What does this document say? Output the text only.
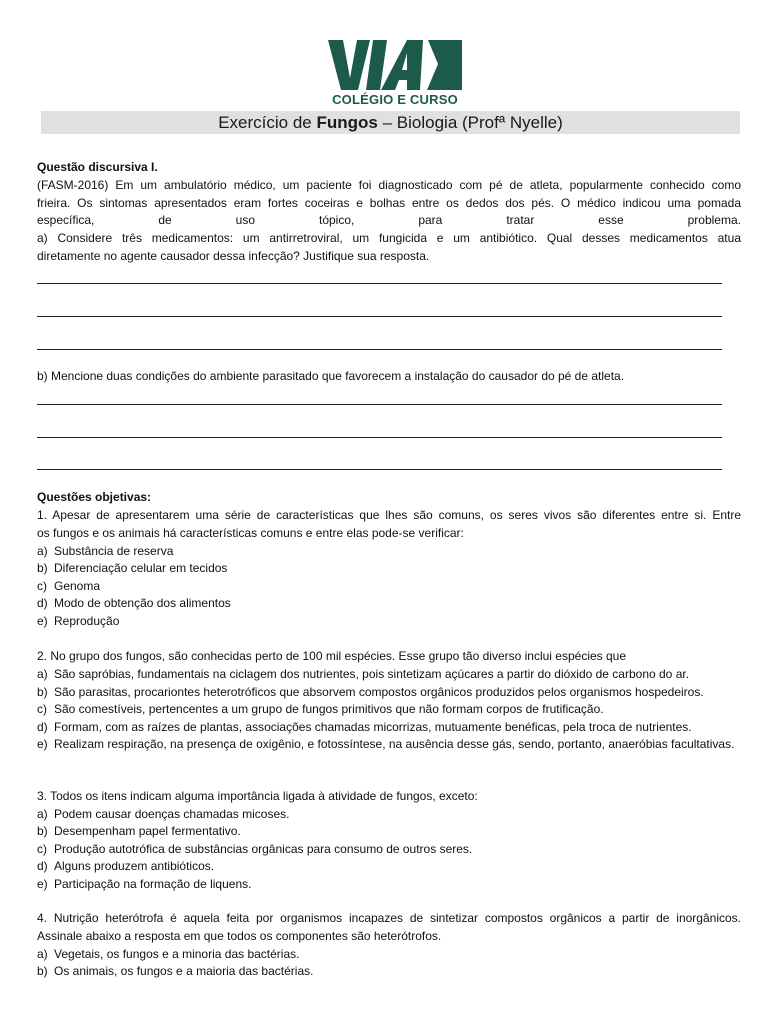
COLÉGIO E CURSO
Exercício de Fungos – Biologia (Profª Nyelle)
Questão discursiva I.
(FASM-2016) Em um ambulatório médico, um paciente foi diagnosticado com pé de atleta, popularmente conhecido como
frieira. Os sintomas apresentados eram fortes coceiras e bolhas entre os dedos dos pés. O médico indicou uma pomada
específica, de uso tópico, para tratar esse problema.
a) Considere três medicamentos: um antirretroviral, um fungicida e um antibiótico. Qual desses medicamentos atua
diretamente no agente causador dessa infecção? Justifique sua resposta.
b) Mencione duas condições do ambiente parasitado que favorecem a instalação do causador do pé de atleta.
Questões objetivas:
1. Apesar de apresentarem uma série de características que lhes são comuns, os seres vivos são diferentes entre si. Entre
os fungos e os animais há características comuns e entre elas pode-se verificar:
a) Substância de reserva
b) Diferenciação celular em tecidos
c) Genoma
d) Modo de obtenção dos alimentos
e) Reprodução
2. No grupo dos fungos, são conhecidas perto de 100 mil espécies. Esse grupo tão diverso inclui espécies que
a) São sapróbias, fundamentais na ciclagem dos nutrientes, pois sintetizam açúcares a partir do dióxido de carbono do ar.
b) São parasitas, procariontes heterotróficos que absorvem compostos orgânicos produzidos pelos organismos hospedeiros.
c) São comestíveis, pertencentes a um grupo de fungos primitivos que não formam corpos de frutificação.
d) Formam, com as raízes de plantas, associações chamadas micorrizas, mutuamente benéficas, pela troca de nutrientes.
e) Realizam respiração, na presença de oxigênio, e fotossíntese, na ausência desse gás, sendo, portanto, anaeróbias facultativas.
3. Todos os itens indicam alguma importância ligada à atividade de fungos, exceto:
a) Podem causar doenças chamadas micoses.
b) Desempenham papel fermentativo.
c) Produção autotrófica de substâncias orgânicas para consumo de outros seres.
d) Alguns produzem antibióticos.
e) Participação na formação de liquens.
4. Nutrição heterótrofa é aquela feita por organismos incapazes de sintetizar compostos orgânicos a partir de inorgânicos.
Assinale abaixo a resposta em que todos os componentes são heterótrofos.
a) Vegetais, os fungos e a minoria das bactérias.
b) Os animais, os fungos e a maioria das bactérias.
